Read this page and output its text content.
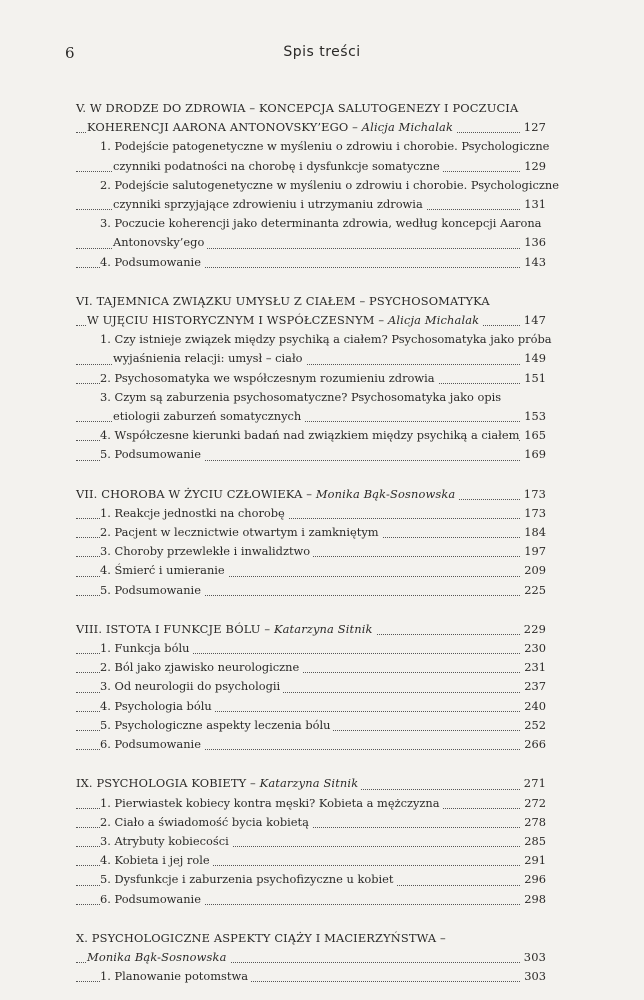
6	Spis treści
V. W DRODZE DO ZDROWIA – KONCEPCJA SALUTOGENEZY I POCZUCIA
KOHERENCJI AARONA ANTONOVSKY’EGO – Alicja Michalak	127
1. Podejście patogenetyczne w myśleniu o zdrowiu i chorobie. Psychologiczne
czynniki podatności na chorobę i dysfunkcje somatyczne	129
2. Podejście salutogenetyczne w myśleniu o zdrowiu i chorobie. Psychologiczne
czynniki sprzyjające zdrowieniu i utrzymaniu zdrowia	131
3. Poczucie koherencji jako determinanta zdrowia, według koncepcji Aarona
Antonovsky’ego	136
4. Podsumowanie	143
VI. TAJEMNICA ZWIĄZKU UMYSŁU Z CIAŁEM – PSYCHOSOMATYKA
W UJĘCIU HISTORYCZNYM I WSPÓŁCZESNYM – Alicja Michalak	147
1. Czy istnieje związek między psychiką a ciałem? Psychosomatyka jako próba
wyjaśnienia relacji: umysł – ciało	149
2. Psychosomatyka we współczesnym rozumieniu zdrowia	151
3. Czym są zaburzenia psychosomatyczne? Psychosomatyka jako opis
etiologii zaburzeń somatycznych	153
4. Współczesne kierunki badań nad związkiem między psychiką a ciałem 165
5. Podsumowanie	169
VII. CHOROBA W ŻYCIU CZŁOWIEKA – Monika Bąk-Sosnowska	173
1. Reakcje jednostki na chorobę	173
2. Pacjent w lecznictwie otwartym i zamkniętym	184
3. Choroby przewlekłe i inwalidztwo	197
4. Śmierć i umieranie	209
5. Podsumowanie	225
VIII. ISTOTA I FUNKCJE BÓLU – Katarzyna Sitnik	229
1. Funkcja bólu	230
2. Ból jako zjawisko neurologiczne	231
3. Od neurologii do psychologii	237
4. Psychologia bólu	240
5. Psychologiczne aspekty leczenia bólu	252
6. Podsumowanie	266
IX. PSYCHOLOGIA KOBIETY – Katarzyna Sitnik	271
1. Pierwiastek kobiecy kontra męski? Kobieta a mężczyzna	272
2. Ciało a świadomość bycia kobietą	278
3. Atrybuty kobiecości	285
4. Kobieta i jej role	291
5. Dysfunkcje i zaburzenia psychofizyczne u kobiet	296
6. Podsumowanie	298
X. PSYCHOLOGICZNE ASPEKTY CIĄŻY I MACIERZYŃSTWA –
Monika Bąk-Sosnowska	303
1. Planowanie potomstwa	303
